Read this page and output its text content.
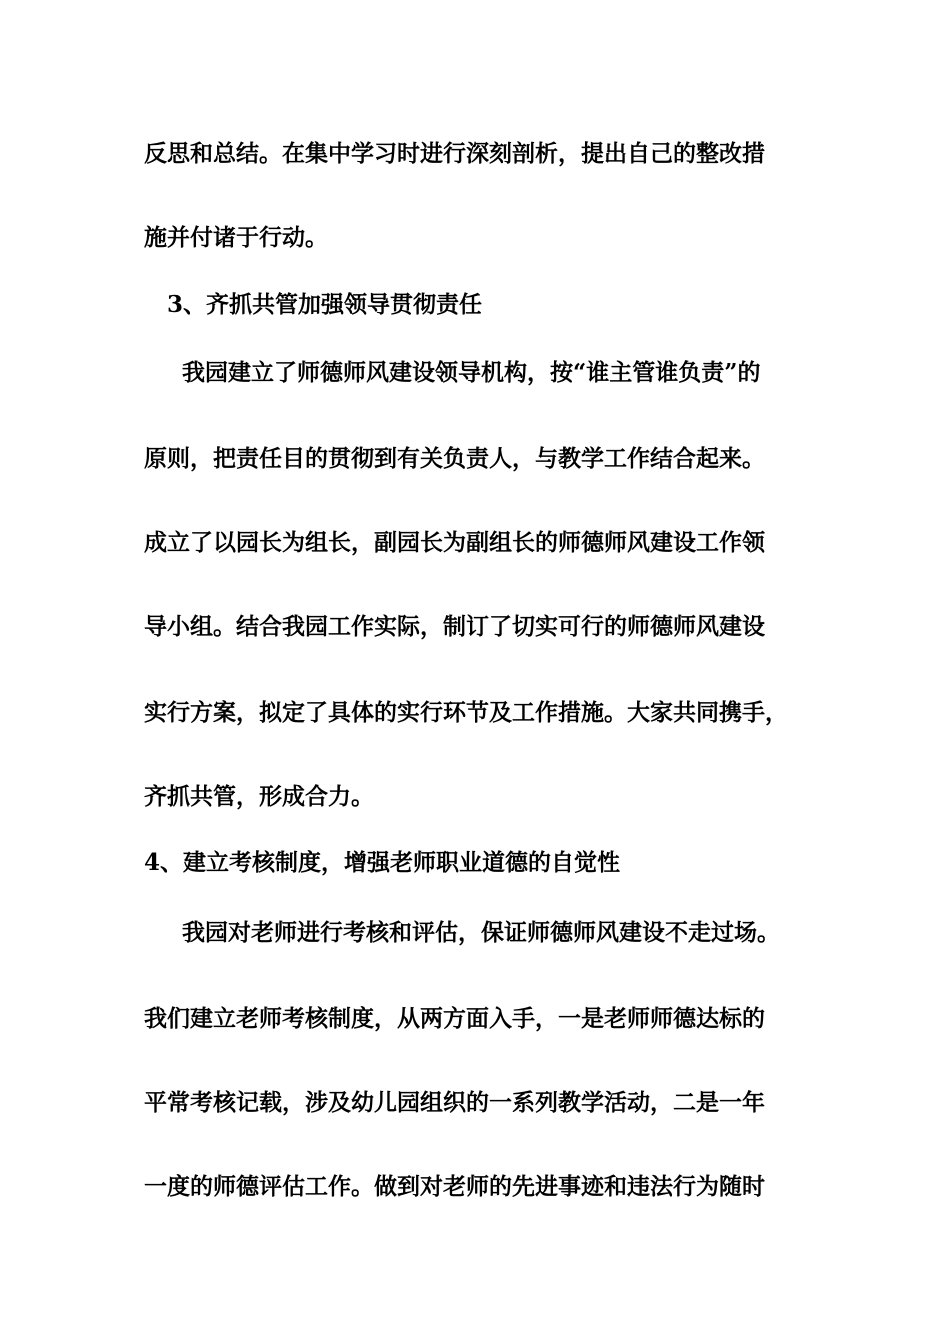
反思和总结。在集中学习时进行深刻剖析，提出自己的整改措

施并付诸于行动。

3、齐抓共管加强领导贯彻责任

我园建立了师德师风建设领导机构，按“谁主管谁负责”的

原则，把责任目的贯彻到有关负责人，与教学工作结合起来。

成立了以园长为组长，副园长为副组长的师德师风建设工作领

导小组。结合我园工作实际，制订了切实可行的师德师风建设

实行方案，拟定了具体的实行环节及工作措施。大家共同携手，

齐抓共管，形成合力。

4、建立考核制度，增强老师职业道德的自觉性

我园对老师进行考核和评估，保证师德师风建设不走过场。

我们建立老师考核制度，从两方面入手，一是老师师德达标的

平常考核记载，涉及幼儿园组织的一系列教学活动，二是一年

一度的师德评估工作。做到对老师的先进事迹和违法行为随时
